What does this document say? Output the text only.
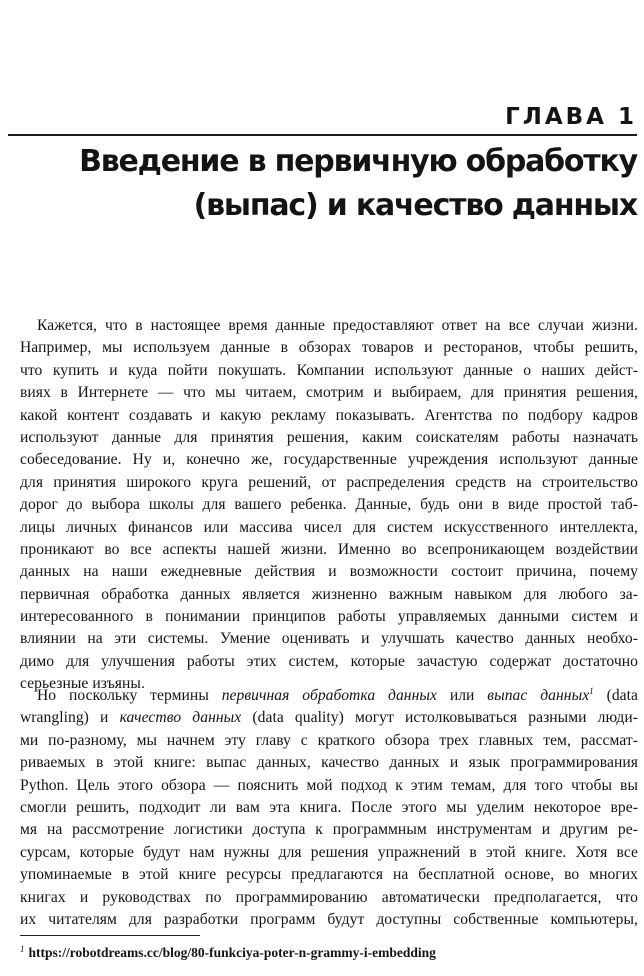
ГЛАВА 1
Введение в первичную обработку
(выпас) и качество данных
Кажется, что в настоящее время данные предоставляют ответ на все случаи жизни.
Например, мы используем данные в обзорах товаров и ресторанов, чтобы решить,
что купить и куда пойти покушать. Компании используют данные о наших дейст-
виях в Интернете — что мы читаем, смотрим и выбираем, для принятия решения,
какой контент создавать и какую рекламу показывать. Агентства по подбору кадров
используют данные для принятия решения, каким соискателям работы назначать
собеседование. Ну и, конечно же, государственные учреждения используют данные
для принятия широкого круга решений, от распределения средств на строительство
дорог до выбора школы для вашего ребенка. Данные, будь они в виде простой таб-
лицы личных финансов или массива чисел для систем искусственного интеллекта,
проникают во все аспекты нашей жизни. Именно во всепроникающем воздействии
данных на наши ежедневные действия и возможности состоит причина, почему
первичная обработка данных является жизненно важным навыком для любого за-
интересованного в понимании принципов работы управляемых данными систем и
влиянии на эти системы. Умение оценивать и улучшать качество данных необхо-
димо для улучшения работы этих систем, которые зачастую содержат достаточно
серьезные изъяны.
Но поскольку термины первичная обработка данных или выпас данных$^1$ (data
wrangling) и качество данных (data quality) могут истолковываться разными люди-
ми по-разному, мы начнем эту главу с краткого обзора трех главных тем, рассмат-
риваемых в этой книге: выпас данных, качество данных и язык программирования
Python. Цель этого обзора — пояснить мой подход к этим темам, для того чтобы вы
смогли решить, подходит ли вам эта книга. После этого мы уделим некоторое вре-
мя на рассмотрение логистики доступа к программным инструментам и другим ре-
сурсам, которые будут нам нужны для решения упражнений в этой книге. Хотя все
упоминаемые в этой книге ресурсы предлагаются на бесплатной основе, во многих
книгах и руководствах по программированию автоматически предполагается, что
их читателям для разработки программ будут доступны собственные компьютеры,
$^1$ https://robotdreams.cc/blog/80-funkciya-poter-n-grammy-i-embedding
